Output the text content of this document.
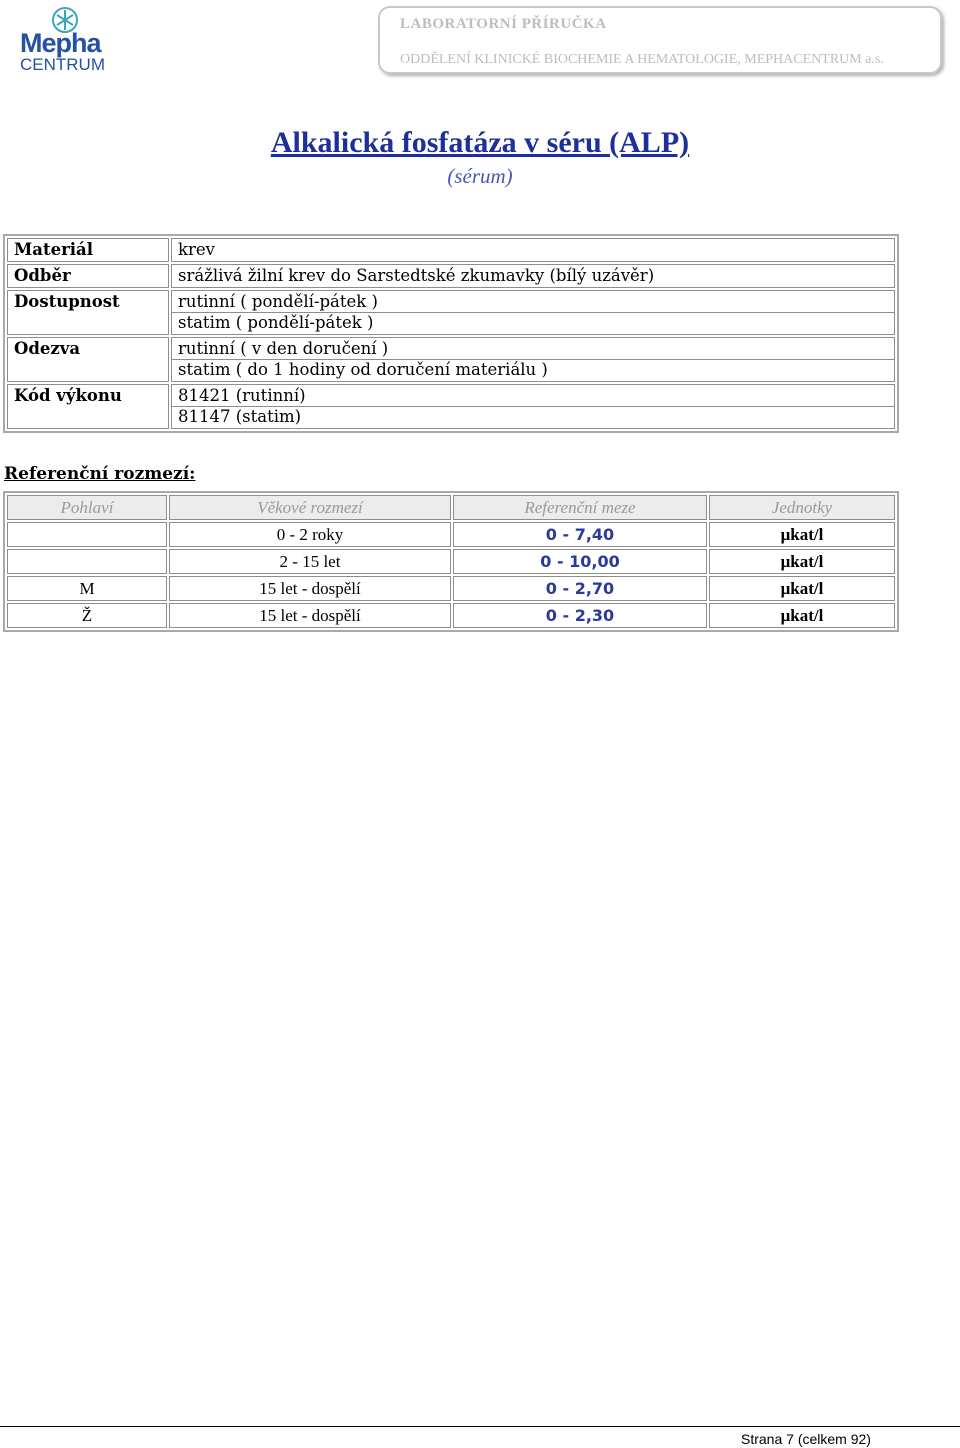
Mepha
CENTRUM
LABORATORNÍ PŘÍRUČKA
ODDĚLENÍ KLINICKÉ BIOCHEMIE A HEMATOLOGIE, MEPHACENTRUM a.s.
Alkalická fosfatáza v séru (ALP)
(sérum)
Materiál	krev
Odběr	srážlivá žilní krev do Sarstedtské zkumavky (bílý uzávěr)
Dostupnost	rutinní ( pondělí-pátek )
statim ( pondělí-pátek )

Odezva	rutinní ( v den doručení )
statim ( do 1 hodiny od doručení materiálu )

Kód výkonu	81421 (rutinní)
81147 (statim)
Referenční rozmezí:
Pohlaví	Věkové rozmezí	Referenční meze	Jednotky
	0 - 2 roky	0 - 7,40	μkat/l
	2 - 15 let	0 - 10,00	μkat/l
M	15 let - dospělí	0 - 2,70	μkat/l
Ž	15 let - dospělí	0 - 2,30	μkat/l
Strana 7 (celkem 92)
